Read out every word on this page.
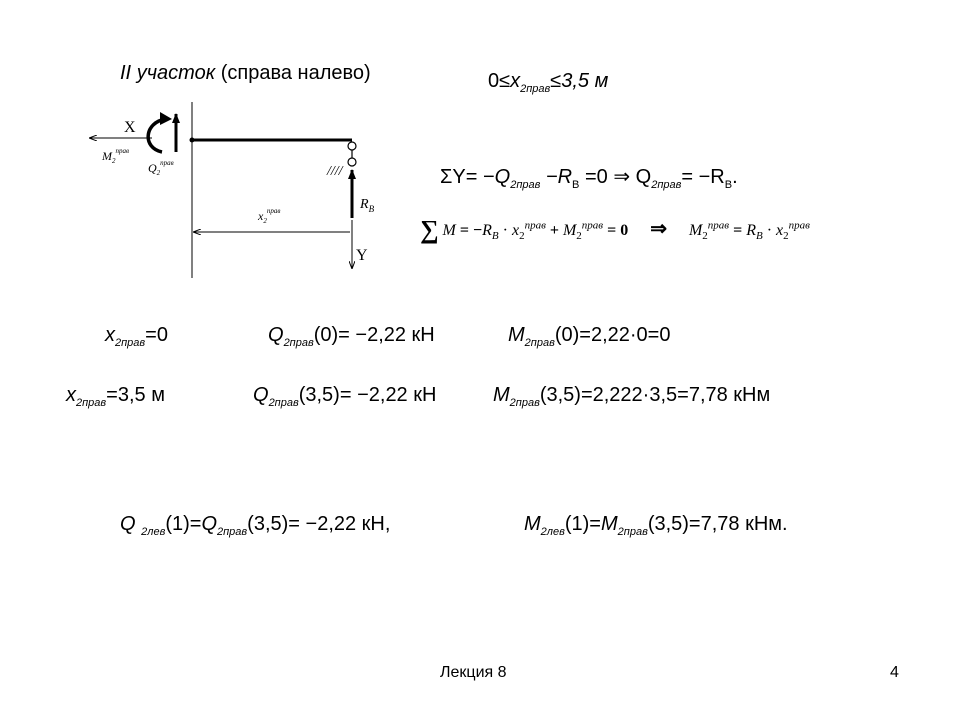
II участок (справа налево)	$0\le x_{2прав}\le 3,5$ м
X
$M_2^{прав}$
$Q_2^{прав}$
////
$R_B$
Y
$x_2^{прав}$
$\Sigma Y= -Q_{2прав} -R_B =0$ ⇒ $Q_{2прав}= -R_B$.
∑ $M = -R_B \cdot x_2^{прав} + M_2^{прав} = 0$ ⇒ $M_2^{прав} = R_B \cdot x_2^{прав}$
$x_{2прав}=0$	$Q_{2прав}(0)= -2,22$ кН	$M_{2прав}(0)=2,22\cdot 0=0$
$x_{2прав}=3,5$ м	$Q_{2прав}(3,5)= -2,22$ кН	$M_{2прав}(3,5)=2,222\cdot 3,5=7,78$ кНм
Q $_{2лев}(1)=Q_{2прав}(3,5)= -2,22$ кН,	$M_{2лев}(1)=M_{2прав}(3,5)=7,78$ кНм.
Лекция 8	4
